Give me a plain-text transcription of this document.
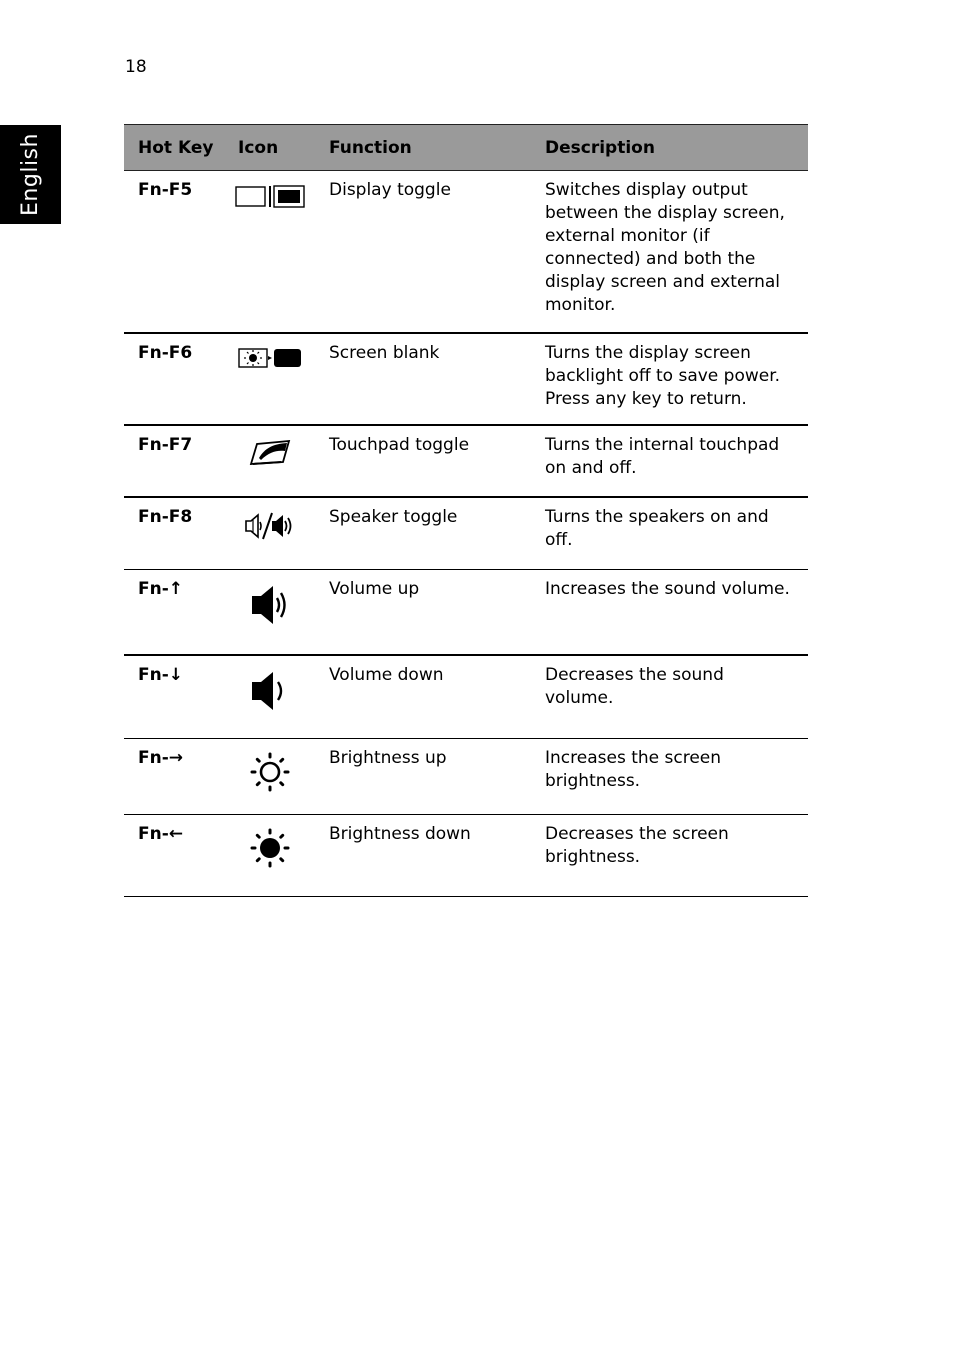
18
English	Hot Key	Icon	Function	Description
Fn-F5		Display toggle	Switches display output between the display screen, external monitor (if connected) and both the display screen and external monitor.
Fn-F6		Screen blank	Turns the display screen backlight off to save power. Press any key to return.
Fn-F7		Touchpad toggle	Turns the internal touchpad on and off.
Fn-F8		Speaker toggle	Turns the speakers on and off.
Fn-↑		Volume up	Increases the sound volume.
Fn-↓		Volume down	Decreases the sound volume.
Fn-→		Brightness up	Increases the screen brightness.
Fn-←		Brightness down	Decreases the screen brightness.
